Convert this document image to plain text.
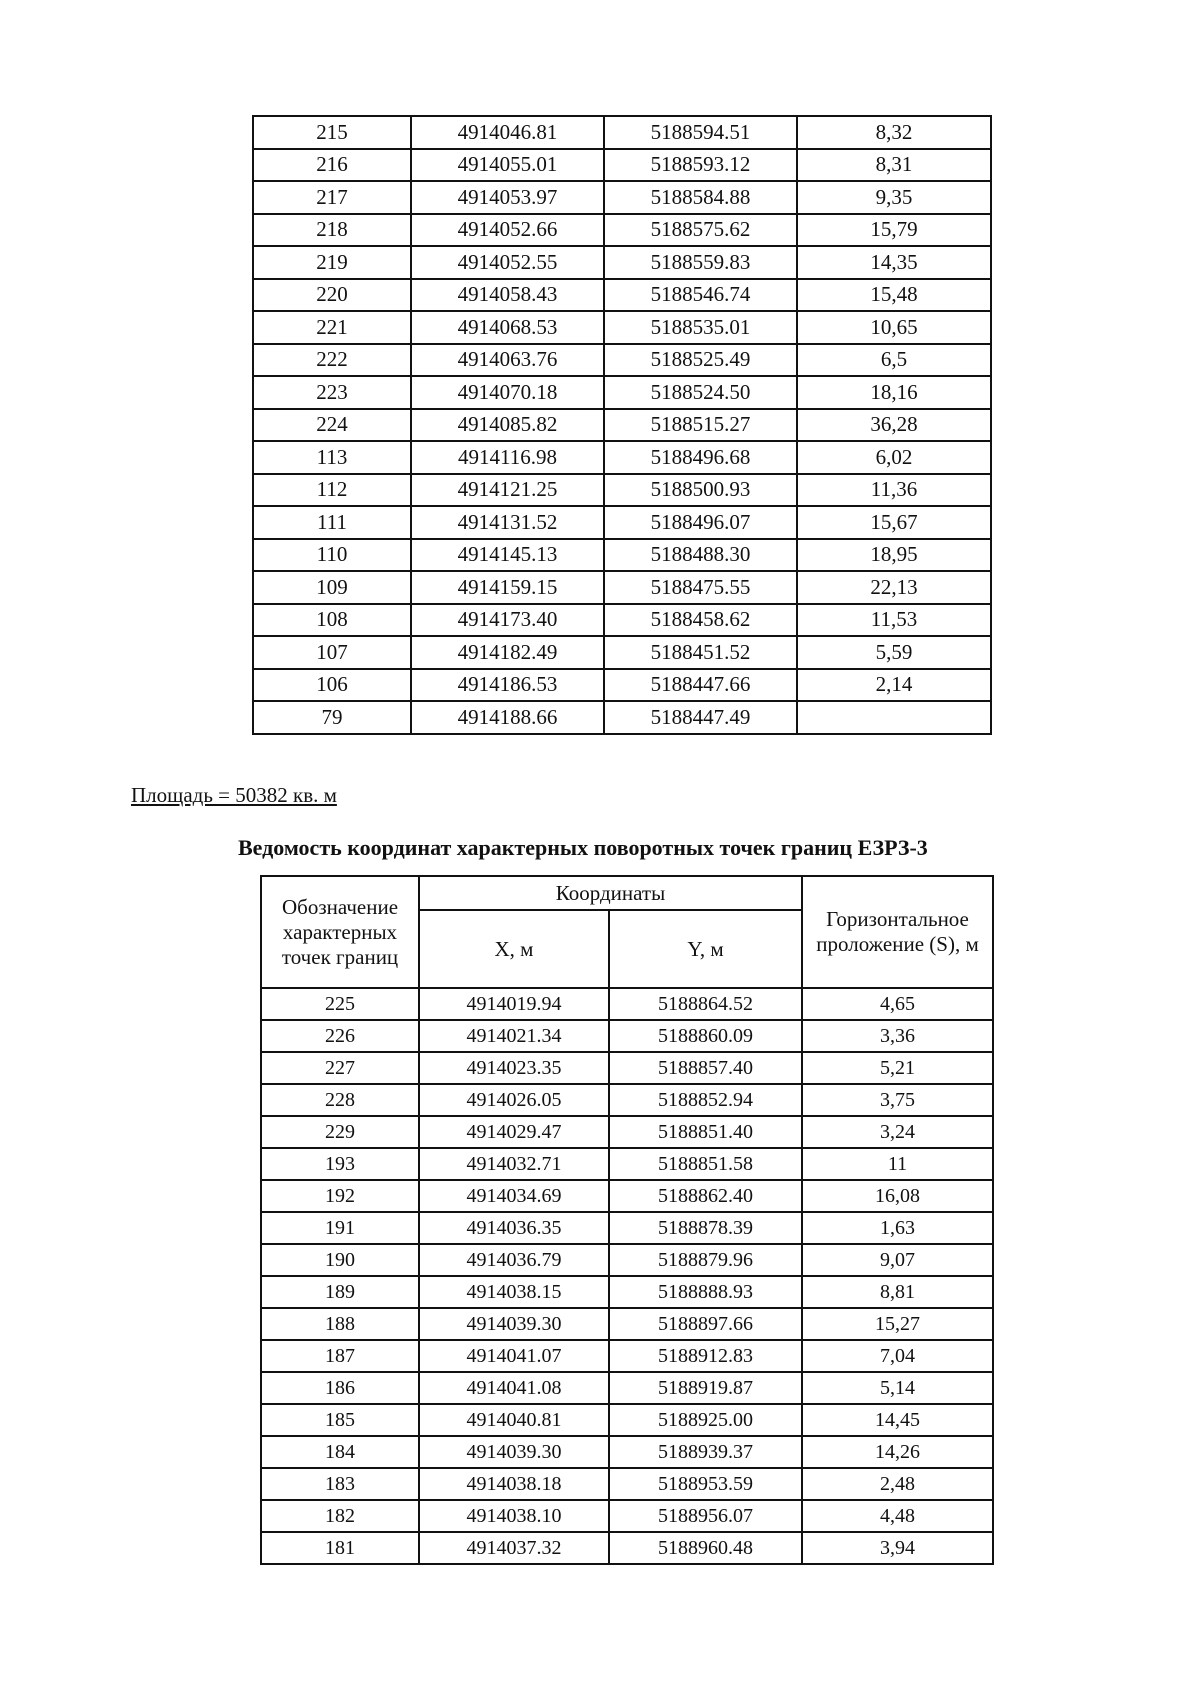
215	4914046.81	5188594.51	8,32
216	4914055.01	5188593.12	8,31
217	4914053.97	5188584.88	9,35
218	4914052.66	5188575.62	15,79
219	4914052.55	5188559.83	14,35
220	4914058.43	5188546.74	15,48
221	4914068.53	5188535.01	10,65
222	4914063.76	5188525.49	6,5
223	4914070.18	5188524.50	18,16
224	4914085.82	5188515.27	36,28
113	4914116.98	5188496.68	6,02
112	4914121.25	5188500.93	11,36
111	4914131.52	5188496.07	15,67
110	4914145.13	5188488.30	18,95
109	4914159.15	5188475.55	22,13
108	4914173.40	5188458.62	11,53
107	4914182.49	5188451.52	5,59
106	4914186.53	5188447.66	2,14
79	4914188.66	5188447.49	
Площадь = 50382 кв. м
Ведомость координат характерных поворотных точек границ ЕЗРЗ-3
Обозначение характерных точек границ	Координаты		Горизонтальное проложение (S), м
	X, м	Y, м	
225	4914019.94	5188864.52	4,65
226	4914021.34	5188860.09	3,36
227	4914023.35	5188857.40	5,21
228	4914026.05	5188852.94	3,75
229	4914029.47	5188851.40	3,24
193	4914032.71	5188851.58	11
192	4914034.69	5188862.40	16,08
191	4914036.35	5188878.39	1,63
190	4914036.79	5188879.96	9,07
189	4914038.15	5188888.93	8,81
188	4914039.30	5188897.66	15,27
187	4914041.07	5188912.83	7,04
186	4914041.08	5188919.87	5,14
185	4914040.81	5188925.00	14,45
184	4914039.30	5188939.37	14,26
183	4914038.18	5188953.59	2,48
182	4914038.10	5188956.07	4,48
181	4914037.32	5188960.48	3,94
